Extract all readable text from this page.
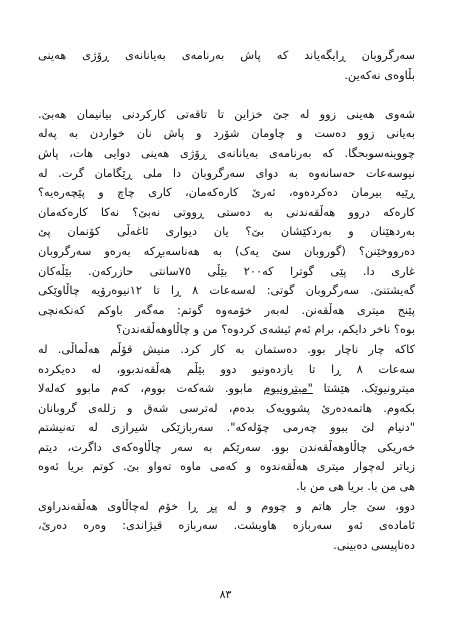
سەرگروبان ڕایگەیاند کە پاش بەرنامەی بەیانانەی ڕۆژی هەینی
بڵاوەی نەکەین.
شەوی هەینی زوو لە جێ خزاین تا تاقەتی کارکردنی بیانیمان هەبێ.
بەیانی زوو دەست و چاومان شۆرد و پاش نان خواردن بە پەلە
چووینەسوبحگا. کە بەرنامەی بەیانانەی ڕۆژی هەینی دوایی هات، پاش
نیوسەعات حەسانەوە بە دوای سەرگروبان دا ملی ڕێگامان گرت. لە
ڕێیە بیرمان دەکردەوە، ئەرێ کارەکەمان، کاری چاچ و پێچەرەیە؟
کارەکە دروو هەڵقەندنی بە دەستی ڕووتی نەبێ؟ نەکا کارەکەمان
بەردهێنان و بەردکێشان بێ؟ یان دیواری ئاغەڵی کۆنمان پێ
دەرووخێنن؟ (گوروبان سێ یەک) بە هەناسەبڕکە بەرەو سەرگروبان
غاری دا. پێی گوترا کە٢٠٠ بێڵی ٧٥سانتی حازرکەن. بێڵەکان
گەیشتنێ. سەرگروبان گوتی: لەسەعات ٨ ڕا تا ١٢نیوەرۆیە چاڵاوێکی
پێنج میتری هەڵقەنن. لەبەر خۆمەوە گوتم: مەگەر باوکم کەنکەنچی
بوە؟ ناخر دایکم، برام ئەم ئیشەی کردوە؟ من و چاڵاوهەڵقەندن؟
کاکە چار ناچار بوو. دەستمان بە کار کرد. منیش قۆڵم هەڵماڵی. لە
سەعات ٨ ڕا تا یازدەونیو دوو بێڵم هەڵقەندبوو، لە دەیکردە
میترونیوێک. هێشتا "میترونیوم مابوو. شەکەت بووم، کەم مابوو کەلەلا
بکەوم. هاتمەدەرێ پشوویەک بدەم، لەترسی شەق و زللەی گروبانان
"دنیام لێ ببوو چەرمی چۆلەکە". سەربازێکی شیرازی لە تەنیشتم
خەریکی چاڵاوهەڵقەندن بوو. سەرێکم بە سەر چاڵاوەکەی داگرت، دیتم
زیاتر لەچوار میتری هەڵقەندوە و کەمی ماوە تەواو بێ. کوتم بریا ئەوە
هی من با. بریا هی من با.
دوو، سێ جار هاتم و چووم و لە پڕ ڕا خۆم لەچاڵاوی هەڵقەندراوی
ئامادەی ئەو سەربازە هاویشت. سەربازە قیژاندی: وەرە دەرێ،
دەناپیسی دەبینی.
٨٣
